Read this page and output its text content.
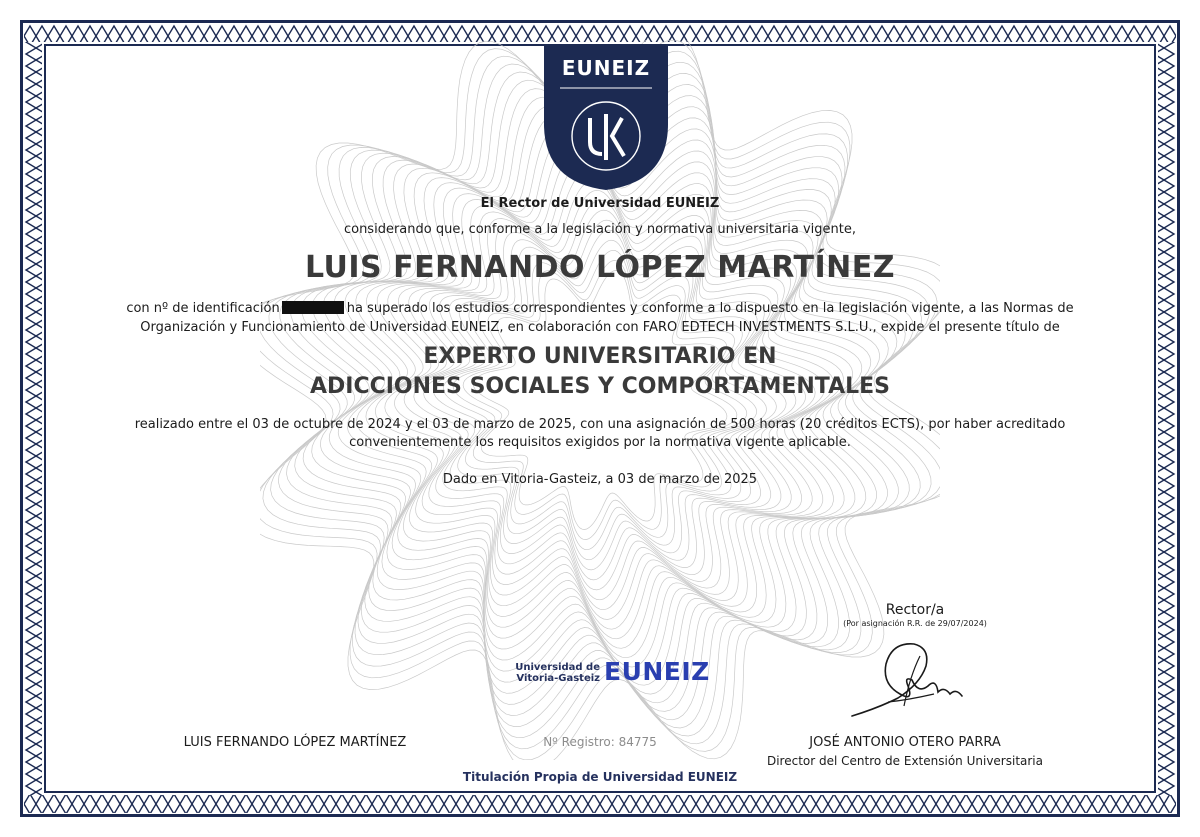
EUNEIZ
El Rector de Universidad EUNEIZ
considerando que, conforme a la legislación y normativa universitaria vigente,
LUIS FERNANDO LÓPEZ MARTÍNEZ
con nº de identificación	ha superado los estudios correspondientes y conforme a lo dispuesto en la legislación vigente, a las Normas de Organización y Funcionamiento de Universidad EUNEIZ, en colaboración con FARO EDTECH INVESTMENTS S.L.U., expide el presente título de
EXPERTO UNIVERSITARIO EN
ADICCIONES SOCIALES Y COMPORTAMENTALES
realizado entre el 03 de octubre de 2024 y el 03 de marzo de 2025, con una asignación de 500 horas (20 créditos ECTS), por haber acreditado convenientemente los requisitos exigidos por la normativa vigente aplicable.
Dado en Vitoria-Gasteiz, a 03 de marzo de 2025
Rector/a
(Por asignación R.R. de 29/07/2024)
Universidad de
Vitoria-Gasteiz EUNEIZ
LUIS FERNANDO LÓPEZ MARTÍNEZ	Nº Registro: 84775	JOSÉ ANTONIO OTERO PARRA
Director del Centro de Extensión Universitaria
Titulación Propia de Universidad EUNEIZ
